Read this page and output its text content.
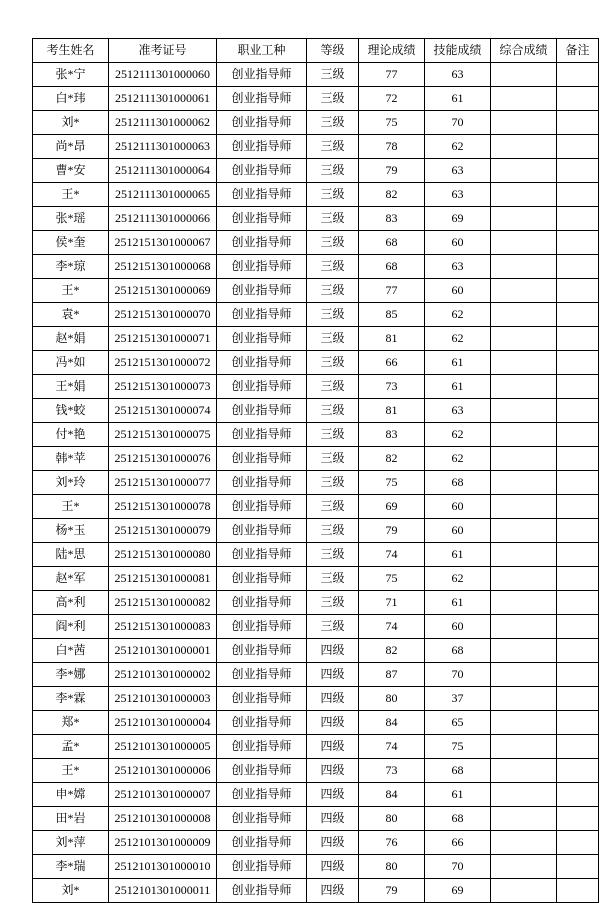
考生姓名	准考证号	职业工种	等级	理论成绩	技能成绩	综合成绩	备注
张*宁	2512111301000060	创业指导师	三级	77	63		
白*玮	2512111301000061	创业指导师	三级	72	61		
刘*	2512111301000062	创业指导师	三级	75	70		
尚*昂	2512111301000063	创业指导师	三级	78	62		
曹*安	2512111301000064	创业指导师	三级	79	63		
王*	2512111301000065	创业指导师	三级	82	63		
张*瑶	2512111301000066	创业指导师	三级	83	69		
侯*奎	2512151301000067	创业指导师	三级	68	60		
李*琼	2512151301000068	创业指导师	三级	68	63		
王*	2512151301000069	创业指导师	三级	77	60		
袁*	2512151301000070	创业指导师	三级	85	62		
赵*娟	2512151301000071	创业指导师	三级	81	62		
冯*如	2512151301000072	创业指导师	三级	66	61		
王*娟	2512151301000073	创业指导师	三级	73	61		
钱*蛟	2512151301000074	创业指导师	三级	81	63		
付*艳	2512151301000075	创业指导师	三级	83	62		
韩*苹	2512151301000076	创业指导师	三级	82	62		
刘*玲	2512151301000077	创业指导师	三级	75	68		
王*	2512151301000078	创业指导师	三级	69	60		
杨*玉	2512151301000079	创业指导师	三级	79	60		
陆*思	2512151301000080	创业指导师	三级	74	61		
赵*军	2512151301000081	创业指导师	三级	75	62		
高*利	2512151301000082	创业指导师	三级	71	61		
阎*利	2512151301000083	创业指导师	三级	74	60		
白*茜	2512101301000001	创业指导师	四级	82	68		
李*娜	2512101301000002	创业指导师	四级	87	70		
李*霖	2512101301000003	创业指导师	四级	80	37		
郑*	2512101301000004	创业指导师	四级	84	65		
孟*	2512101301000005	创业指导师	四级	74	75		
王*	2512101301000006	创业指导师	四级	73	68		
申*嫦	2512101301000007	创业指导师	四级	84	61		
田*岩	2512101301000008	创业指导师	四级	80	68		
刘*萍	2512101301000009	创业指导师	四级	76	66		
李*瑞	2512101301000010	创业指导师	四级	80	70		
刘*	2512101301000011	创业指导师	四级	79	69		
